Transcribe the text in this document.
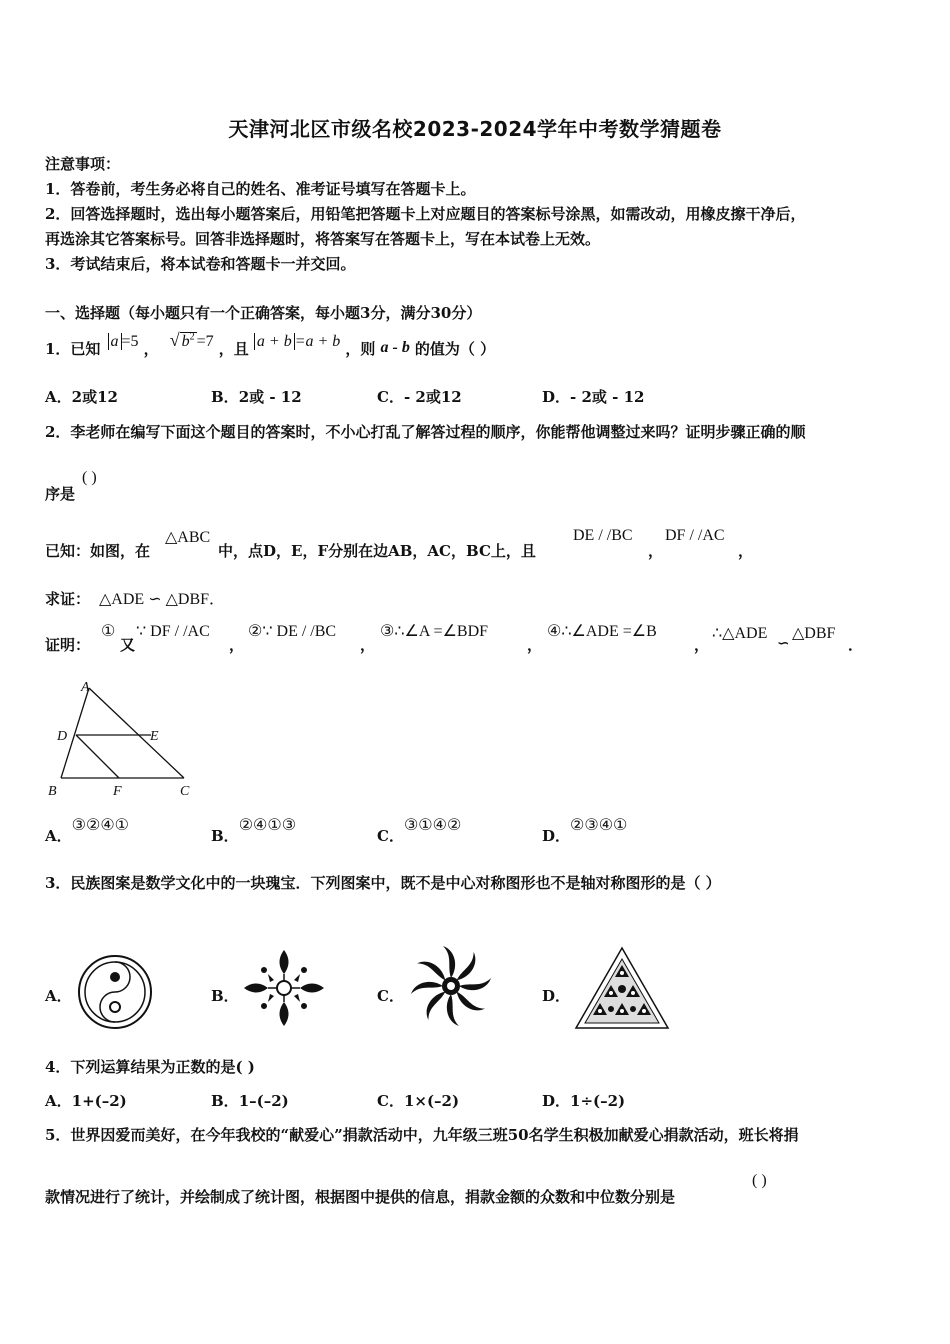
天津河北区市级名校2023-2024学年中考数学猜题卷
注意事项：
1．答卷前，考生务必将自己的姓名、准考证号填写在答题卡上。
2．回答选择题时，选出每小题答案后，用铅笔把答题卡上对应题目的答案标号涂黑，如需改动，用橡皮擦干净后，
再选涂其它答案标号。回答非选择题时，将答案写在答题卡上，写在本试卷上无效。
3．考试结束后，将本试卷和答题卡一并交回。
一、选择题（每小题只有一个正确答案，每小题3分，满分30分）
1．已知 a =5 ， √ $b^2 =7$ ，且 a + b =a + b ，则 a - b 的值为（ ）
A．2或12	B．2或 - 12	C．- 2或12	D．- 2或 - 12
2．李老师在编写下面这个题目的答案时，不小心打乱了解答过程的顺序，你能帮他调整过来吗？证明步骤正确的顺
序是
( )
已知：如图，在
△ABC
中，点D，E，F分别在边AB，AC，BC上，且
DE / /BC
，
DF / /AC
，
求证： △ADE ∽ △DBF．
证明：
①
又
∵ DF / /AC
，
②∵ DE / /BC
，
③∴∠A =∠BDF
，
④∴∠ADE =∠B
，
∴△ADE
∽
△DBF
．
A
D	E
B	F	C
A．③②④①
B．②④①③
C．③①④②
D．②③④①
3．民族图案是数学文化中的一块瑰宝．下列图案中，既不是中心对称图形也不是轴对称图形的是（ ）
A．	B．	C．	D．
4．下列运算结果为正数的是( )
A．1+(–2)	B．1–(–2)	C．1×(–2)	D．1÷(–2)
5．世界因爱而美好，在今年我校的“献爱心”捐款活动中，九年级三班50名学生积极加献爱心捐款活动，班长将捐
款情况进行了统计，并绘制成了统计图，根据图中提供的信息，捐款金额的众数和中位数分别是
( )
